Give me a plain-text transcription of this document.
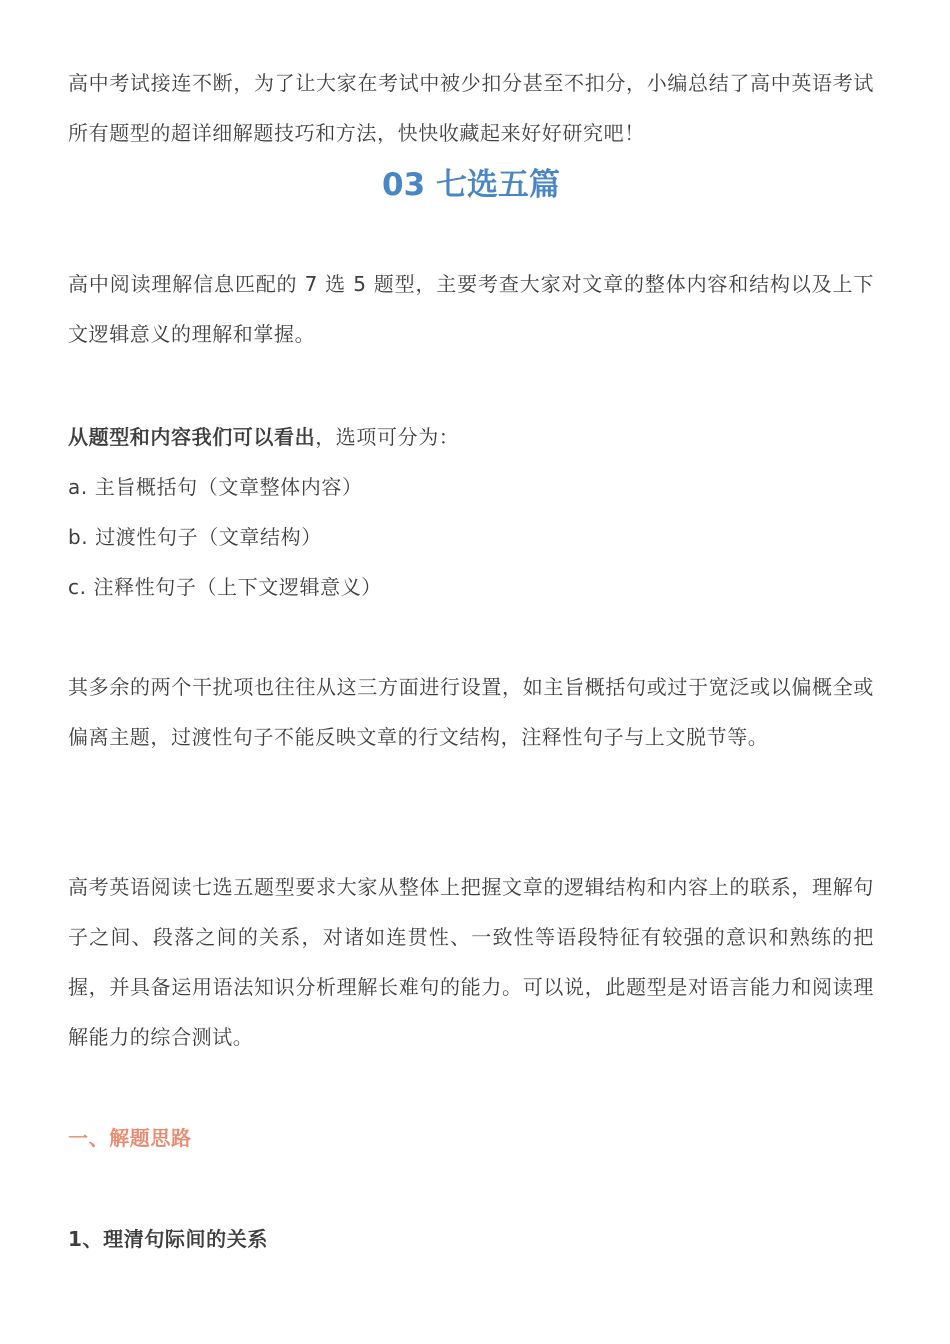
高中考试接连不断，为了让大家在考试中被少扣分甚至不扣分，小编总结了高中英语考试所有题型的超详细解题技巧和方法，快快收藏起来好好研究吧！

03 七选五篇

高中阅读理解信息匹配的 7 选 5 题型，主要考查大家对文章的整体内容和结构以及上下文逻辑意义的理解和掌握。

从题型和内容我们可以看出，选项可分为：
a. 主旨概括句（文章整体内容）
b. 过渡性句子（文章结构）
c. 注释性句子（上下文逻辑意义）

其多余的两个干扰项也往往从这三方面进行设置，如主旨概括句或过于宽泛或以偏概全或偏离主题，过渡性句子不能反映文章的行文结构，注释性句子与上文脱节等。

高考英语阅读七选五题型要求大家从整体上把握文章的逻辑结构和内容上的联系，理解句子之间、段落之间的关系，对诸如连贯性、一致性等语段特征有较强的意识和熟练的把握，并具备运用语法知识分析理解长难句的能力。可以说，此题型是对语言能力和阅读理解能力的综合测试。

一、解题思路
1、理清句际间的关系
